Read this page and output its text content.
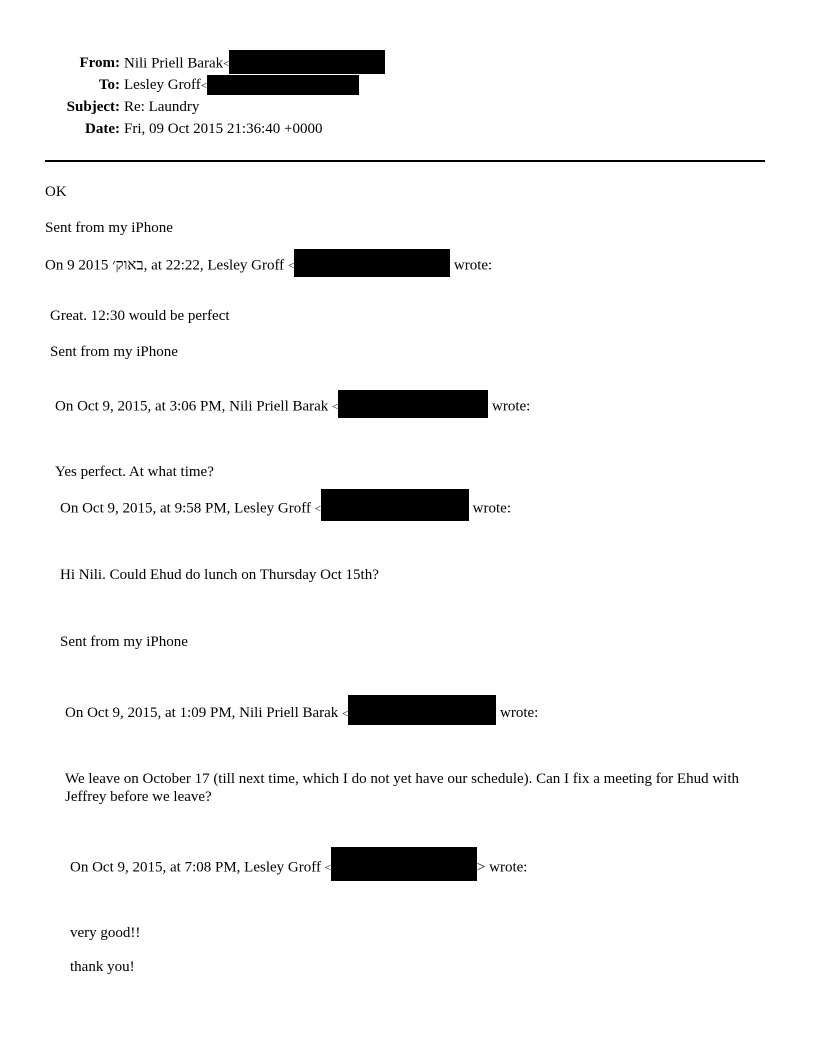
From: Nili Priell Barak<
To: Lesley Groff<
Subject: Re: Laundry
Date: Fri, 09 Oct 2015 21:36:40 +0000
OK
Sent from my iPhone
On 9 2015 באוק׳, at 22:22, Lesley Groff <	wrote:
Great. 12:30 would be perfect
Sent from my iPhone
On Oct 9, 2015, at 3:06 PM, Nili Priell Barak <	wrote:
Yes perfect. At what time?
On Oct 9, 2015, at 9:58 PM, Lesley Groff <	wrote:
Hi Nili. Could Ehud do lunch on Thursday Oct 15th?
Sent from my iPhone
On Oct 9, 2015, at 1:09 PM, Nili Priell Barak <	wrote:
We leave on October 17 (till next time, which I do not yet have our schedule). Can I fix a meeting for Ehud with Jeffrey before we leave?
On Oct 9, 2015, at 7:08 PM, Lesley Groff <	> wrote:
very good!!
thank you!
